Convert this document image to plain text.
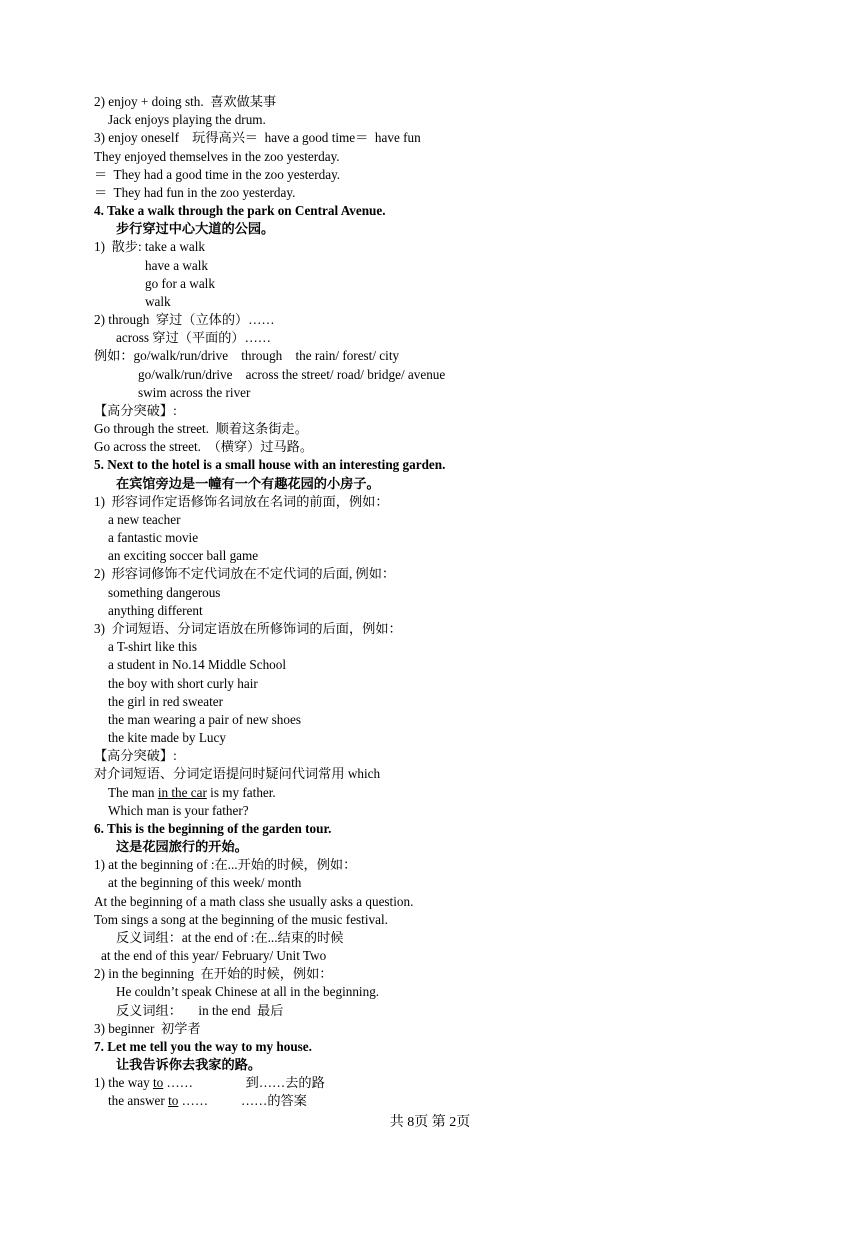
2) enjoy + doing sth.  喜欢做某事
Jack enjoys playing the drum.
3) enjoy oneself    玩得高兴＝  have a good time＝  have fun
They enjoyed themselves in the zoo yesterday.
＝  They had a good time in the zoo yesterday.
＝  They had fun in the zoo yesterday.
4. Take a walk through the park on Central Avenue.
步行穿过中心大道的公园。
1)  散步: take a walk
have a walk
go for a walk
walk
2) through  穿过（立体的）……
across 穿过（平面的）……
例如：go/walk/run/drive    through    the rain/ forest/ city
go/walk/run/drive    across the street/ road/ bridge/ avenue
swim across the river
【高分突破】:
Go through the street.  顺着这条街走。
Go across the street.  （横穿）过马路。
5. Next to the hotel is a small house with an interesting garden.
在宾馆旁边是一幢有一个有趣花园的小房子。
1)  形容词作定语修饰名词放在名词的前面，例如：
a new teacher
a fantastic movie
an exciting soccer ball game
2)  形容词修饰不定代词放在不定代词的后面, 例如：
something dangerous
anything different
3)  介词短语、分词定语放在所修饰词的后面，例如：
a T-shirt like this
a student in No.14 Middle School
the boy with short curly hair
the girl in red sweater
the man wearing a pair of new shoes
the kite made by Lucy
【高分突破】:
对介词短语、分词定语提问时疑问代词常用 which
The man in the car is my father.
Which man is your father?
6. This is the beginning of the garden tour.
这是花园旅行的开始。
1) at the beginning of :在...开始的时候，例如：
at the beginning of this week/ month
At the beginning of a math class she usually asks a question.
Tom sings a song at the beginning of the music festival.
反义词组：at the end of :在...结束的时候
at the end of this year/ February/ Unit Two
2) in the beginning  在开始的时候，例如：
He couldn’t speak Chinese at all in the beginning.
反义词组：     in the end  最后
3) beginner  初学者
7. Let me tell you the way to my house.
让我告诉你去我家的路。
1) the way to ……                到……去的路
the answer to ……          ……的答案
共 8页 第 2页
